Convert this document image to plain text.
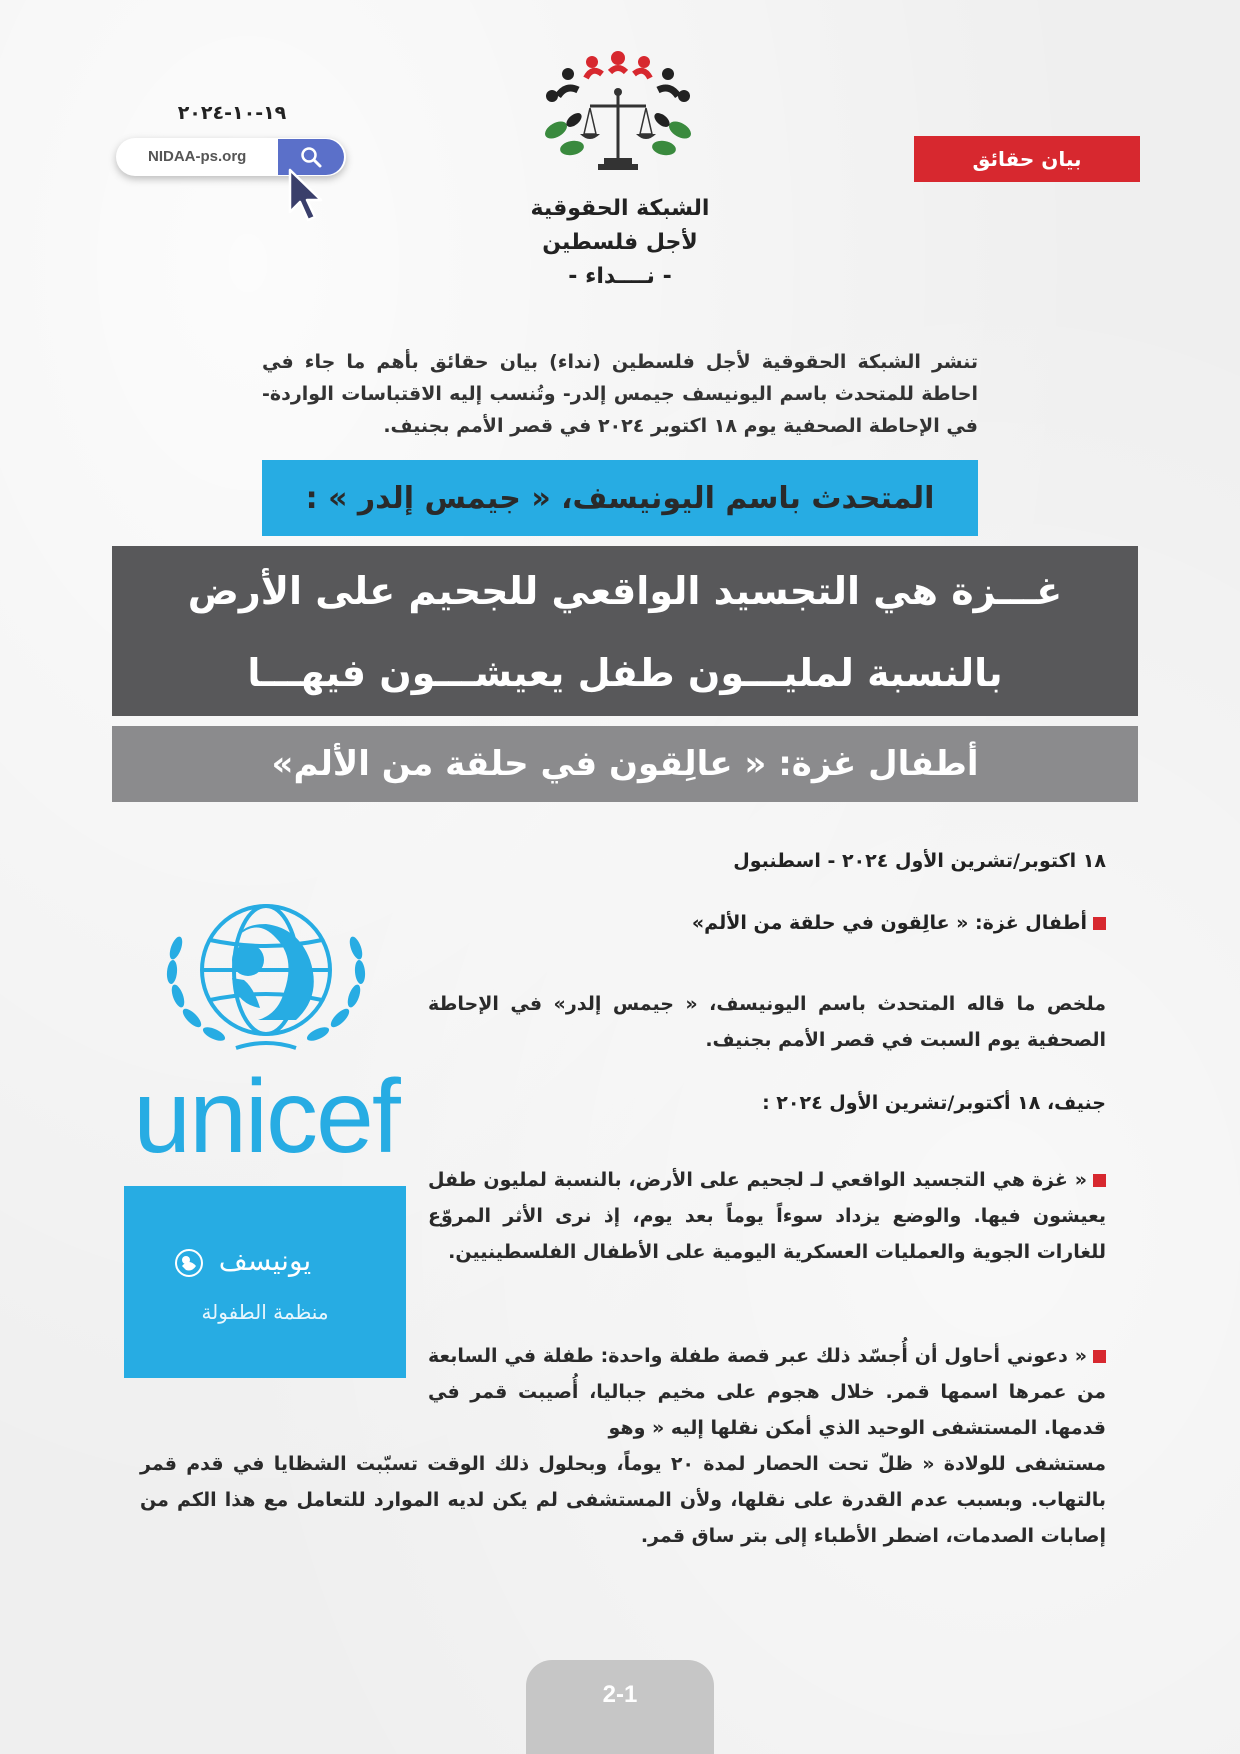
١٩-١٠-٢٠٢٤
NIDAA-ps.org	بيان حقائق
الشبكة الحقوقية
لأجل فلسطين
- نــــداء -
تنشر الشبكة الحقوقية لأجل فلسطين (نداء) بيان حقائق بأهم ما جاء في احاطة للمتحدث باسم اليونيسف جيمس إلدر- وتُنسب إليه الاقتباسات الواردة- في الإحاطة الصحفية يوم ١٨ اكتوبر ٢٠٢٤ في قصر الأمم بجنيف.
المتحدث باسم اليونيسف، « جيمس إلدر » :
غـــزة هي التجسيد الواقعي للجحيم على الأرض
بالنسبة لمليـــون طفل يعيشـــون فيهـــا
أطفال غزة: « عالِقون في حلقة من الألم»
١٨ اكتوبر/تشرين الأول ٢٠٢٤ - اسطنبول
أطفال غزة: « عالِقون في حلقة من الألم»
ملخص ما قاله المتحدث باسم اليونيسف، « جيمس إلدر» في الإحاطة الصحفية يوم السبت في قصر الأمم بجنيف.
جنيف، ١٨ أكتوبر/تشرين الأول ٢٠٢٤ :
« غزة هي التجسيد الواقعي لـ لجحيم على الأرض، بالنسبة لمليون طفل يعيشون فيها. والوضع يزداد سوءاً يوماً بعد يوم، إذ نرى الأثر المروّع للغارات الجوية والعمليات العسكرية اليومية على الأطفال الفلسطينيين.
« دعوني أحاول أن أُجسّد ذلك عبر قصة طفلة واحدة: طفلة في السابعة من عمرها اسمها قمر. خلال هجوم على مخيم جباليا، أُصيبت قمر في قدمها. المستشفى الوحيد الذي أمكن نقلها إليه « وهو
مستشفى للولادة « ظلّ تحت الحصار لمدة ٢٠ يوماً، وبحلول ذلك الوقت تسبّبت الشظايا في قدم قمر بالتهاب. وبسبب عدم القدرة على نقلها، ولأن المستشفى لم يكن لديه الموارد للتعامل مع هذا الكم من إصابات الصدمات، اضطر الأطباء إلى بتر ساق قمر.
unicef
يونيسف
منظمة الطفولة
2-1
